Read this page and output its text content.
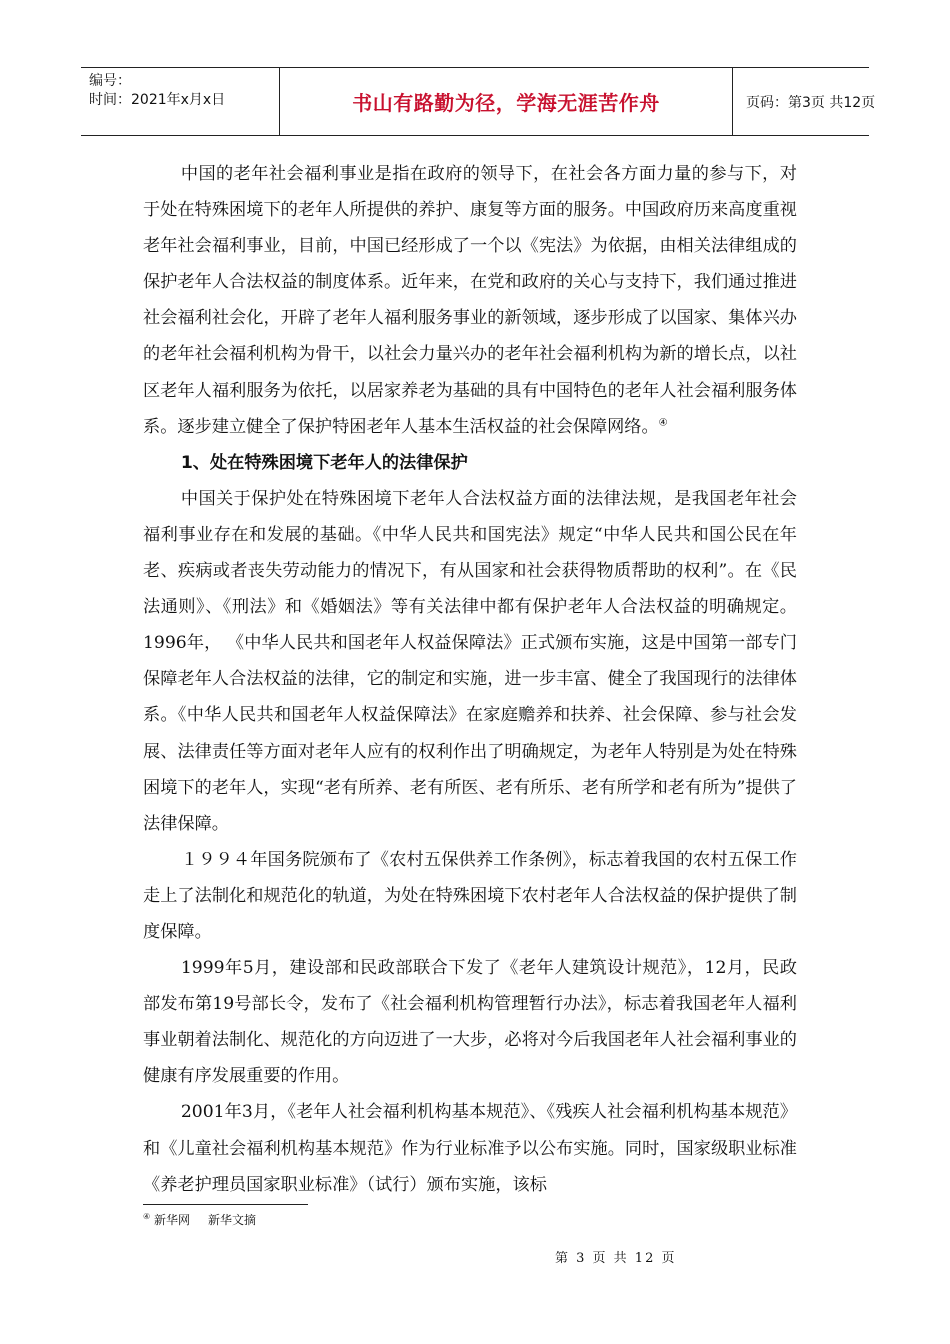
编号：
时间：2021年x月x日	书山有路勤为径，学海无涯苦作舟	页码：第3页 共12页

中国的老年社会福利事业是指在政府的领导下，在社会各方面力量的参与下，对于处在特殊困境下的老年人所提供的养护、康复等方面的服务。中国政府历来高度重视老年社会福利事业，目前，中国已经形成了一个以《宪法》为依据，由相关法律组成的保护老年人合法权益的制度体系。近年来，在党和政府的关心与支持下，我们通过推进社会福利社会化，开辟了老年人福利服务事业的新领域，逐步形成了以国家、集体兴办的老年社会福利机构为骨干，以社会力量兴办的老年社会福利机构为新的增长点，以社区老年人福利服务为依托，以居家养老为基础的具有中国特色的老年人社会福利服务体系。逐步建立健全了保护特困老年人基本生活权益的社会保障网络。④

1、处在特殊困境下老年人的法律保护

中国关于保护处在特殊困境下老年人合法权益方面的法律法规，是我国老年社会福利事业存在和发展的基础。《中华人民共和国宪法》规定“中华人民共和国公民在年老、疾病或者丧失劳动能力的情况下，有从国家和社会获得物质帮助的权利”。在《民法通则》、《刑法》和《婚姻法》等有关法律中都有保护老年人合法权益的明确规定。1996年， 《中华人民共和国老年人权益保障法》正式颁布实施，这是中国第一部专门保障老年人合法权益的法律，它的制定和实施，进一步丰富、健全了我国现行的法律体系。《中华人民共和国老年人权益保障法》在家庭赡养和扶养、社会保障、参与社会发展、法律责任等方面对老年人应有的权利作出了明确规定，为老年人特别是为处在特殊困境下的老年人，实现“老有所养、老有所医、老有所乐、老有所学和老有所为”提供了法律保障。

１９９４年国务院颁布了《农村五保供养工作条例》，标志着我国的农村五保工作走上了法制化和规范化的轨道，为处在特殊困境下农村老年人合法权益的保护提供了制度保障。

1999年5月，建设部和民政部联合下发了《老年人建筑设计规范》，12月，民政部发布第19号部长令，发布了《社会福利机构管理暂行办法》，标志着我国老年人福利事业朝着法制化、规范化的方向迈进了一大步，必将对今后我国老年人社会福利事业的健康有序发展重要的作用。

2001年3月，《老年人社会福利机构基本规范》、《残疾人社会福利机构基本规范》和《儿童社会福利机构基本规范》作为行业标准予以公布实施。同时，国家级职业标准《养老护理员国家职业标准》（试行）颁布实施，该标

④ 新华网 新华文摘
第 3 页 共 12 页
